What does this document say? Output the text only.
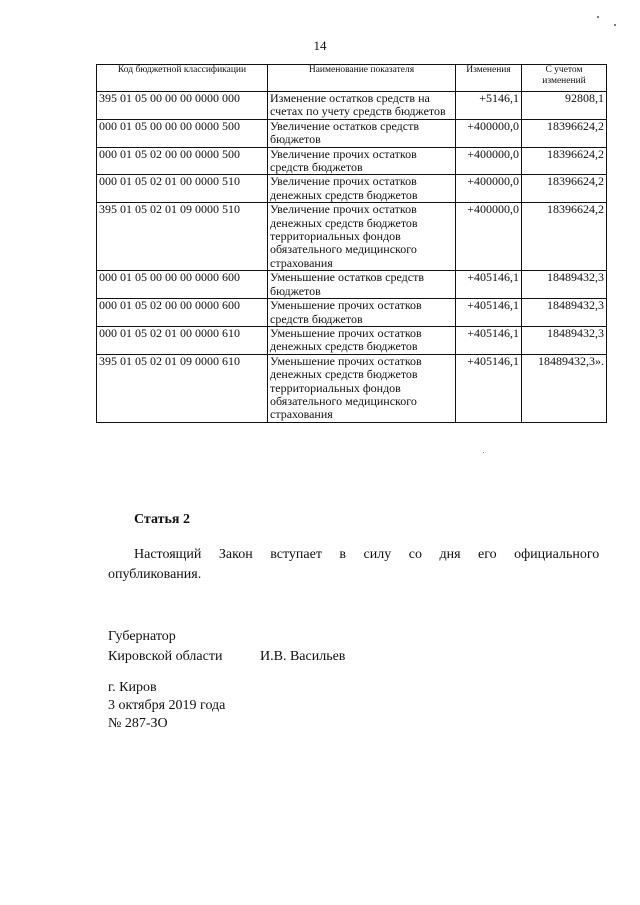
14
Код бюджетной классификации	Наименование показателя	Изменения	С учетом изменений
395 01 05 00 00 00 0000 000	Изменение остатков средств на счетах по учету средств бюджетов	+5146,1	92808,1
000 01 05 00 00 00 0000 500	Увеличение остатков средств бюджетов	+400000,0	18396624,2
000 01 05 02 00 00 0000 500	Увеличение прочих остатков средств бюджетов	+400000,0	18396624,2
000 01 05 02 01 00 0000 510	Увеличение прочих остатков денежных средств бюджетов	+400000,0	18396624,2
395 01 05 02 01 09 0000 510	Увеличение прочих остатков денежных средств бюджетов территориальных фондов обязательного медицинского страхования	+400000,0	18396624,2
000 01 05 00 00 00 0000 600	Уменьшение остатков средств бюджетов	+405146,1	18489432,3
000 01 05 02 00 00 0000 600	Уменьшение прочих остатков средств бюджетов	+405146,1	18489432,3
000 01 05 02 01 00 0000 610	Уменьшение прочих остатков денежных средств бюджетов	+405146,1	18489432,3
395 01 05 02 01 09 0000 610	Уменьшение прочих остатков денежных средств бюджетов территориальных фондов обязательного медицинского страхования	+405146,1	18489432,3».
Статья 2
Настоящий Закон вступает в силу со дня его официального
опубликования.
Губернатор
Кировской области	И.В. Васильев
г. Киров
3 октября 2019 года
№ 287-ЗО
